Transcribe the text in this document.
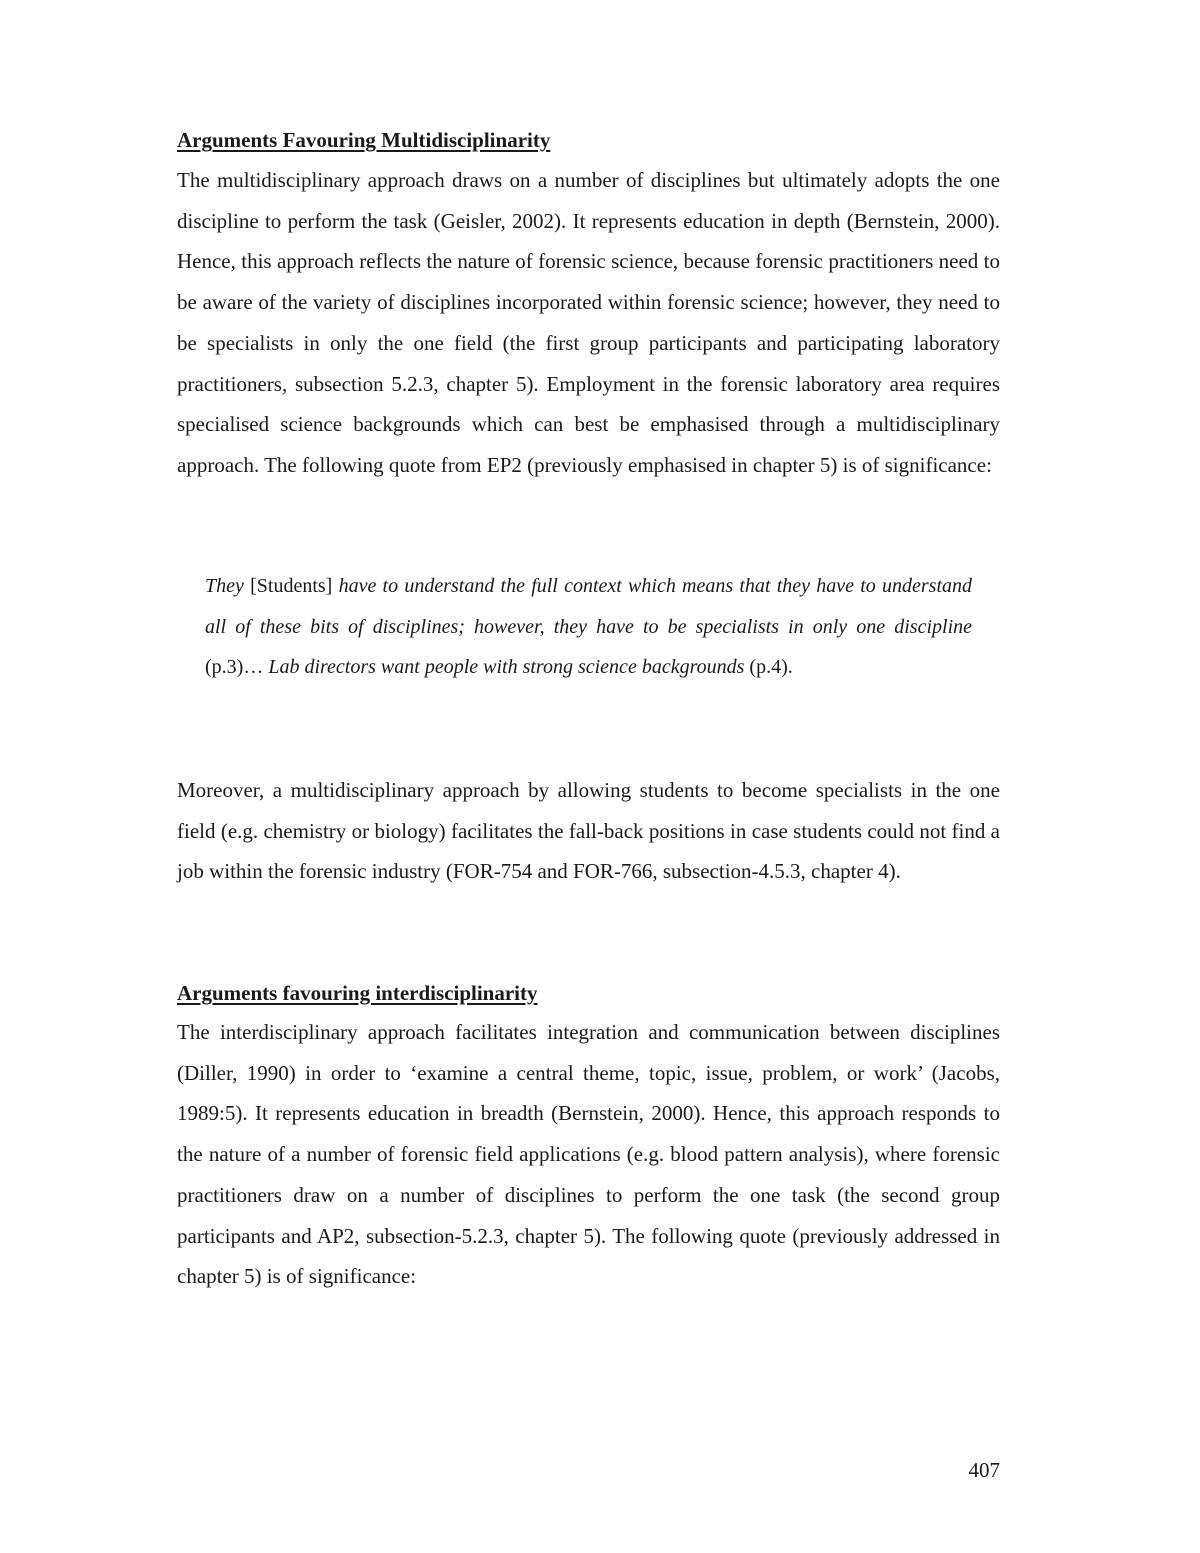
Arguments Favouring Multidisciplinarity

The multidisciplinary approach draws on a number of disciplines but ultimately adopts the one discipline to perform the task (Geisler, 2002). It represents education in depth (Bernstein, 2000). Hence, this approach reflects the nature of forensic science, because forensic practitioners need to be aware of the variety of disciplines incorporated within forensic science; however, they need to be specialists in only the one field (the first group participants and participating laboratory practitioners, subsection 5.2.3, chapter 5). Employment in the forensic laboratory area requires specialised science backgrounds which can best be emphasised through a multidisciplinary approach. The following quote from EP2 (previously emphasised in chapter 5) is of significance:

They [Students] have to understand the full context which means that they have to understand all of these bits of disciplines; however, they have to be specialists in only one discipline (p.3)… Lab directors want people with strong science backgrounds (p.4).

Moreover, a multidisciplinary approach by allowing students to become specialists in the one field (e.g. chemistry or biology) facilitates the fall-back positions in case students could not find a job within the forensic industry (FOR-754 and FOR-766, subsection-4.5.3, chapter 4).

Arguments favouring interdisciplinarity

The interdisciplinary approach facilitates integration and communication between disciplines (Diller, 1990) in order to ‘examine a central theme, topic, issue, problem, or work’ (Jacobs, 1989:5). It represents education in breadth (Bernstein, 2000). Hence, this approach responds to the nature of a number of forensic field applications (e.g. blood pattern analysis), where forensic practitioners draw on a number of disciplines to perform the one task (the second group participants and AP2, subsection-5.2.3, chapter 5). The following quote (previously addressed in chapter 5) is of significance:

407
